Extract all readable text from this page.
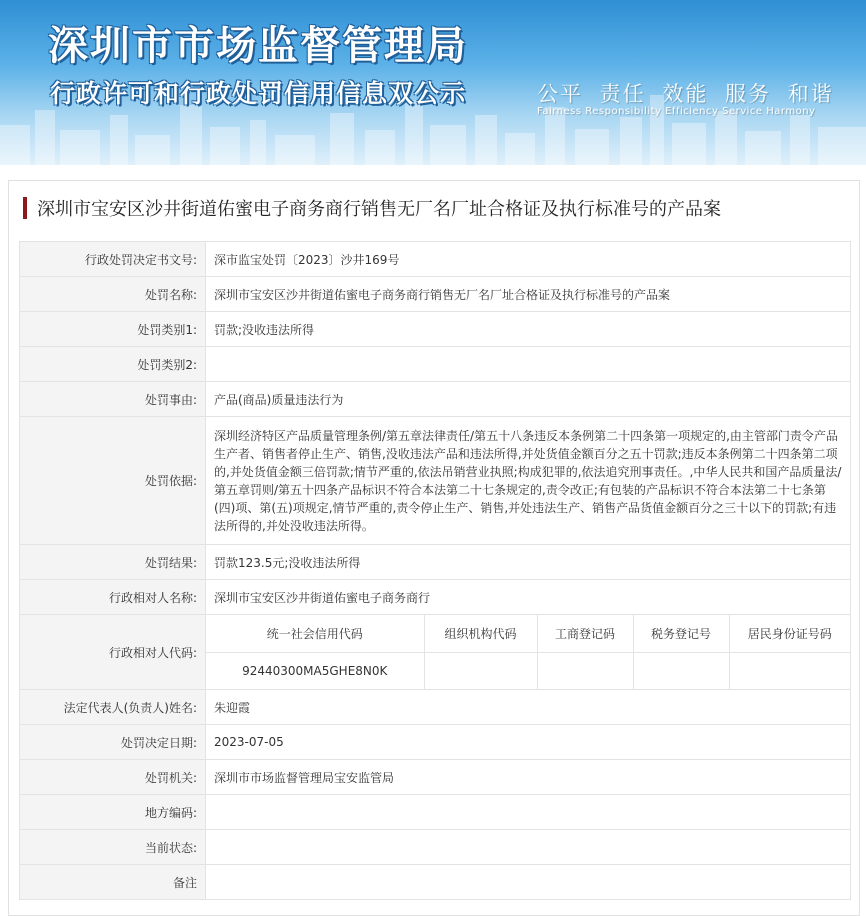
深圳市市场监督管理局
行政许可和行政处罚信用信息双公示	公平 责任 效能 服务 和谐
Fairness Responsibility Efficiency Service Harmony
深圳市宝安区沙井街道佑蜜电子商务商行销售无厂名厂址合格证及执行标准号的产品案
行政处罚决定书文号:	深市监宝处罚〔2023〕沙井169号
处罚名称:	深圳市宝安区沙井街道佑蜜电子商务商行销售无厂名厂址合格证及执行标准号的产品案
处罚类别1:	罚款;没收违法所得
处罚类别2:	
处罚事由:	产品(商品)质量违法行为
处罚依据:	深圳经济特区产品质量管理条例/第五章法律责任/第五十八条违反本条例第二十四条第一项规定的,由主管部门责令产品生产者、销售者停止生产、销售,没收违法产品和违法所得,并处货值金额百分之五十罚款;违反本条例第二十四条第二项的,并处货值金额三倍罚款;情节严重的,依法吊销营业执照;构成犯罪的,依法追究刑事责任。,中华人民共和国产品质量法/第五章罚则/第五十四条产品标识不符合本法第二十七条规定的,责令改正;有包装的产品标识不符合本法第二十七条第(四)项、第(五)项规定,情节严重的,责令停止生产、销售,并处违法生产、销售产品货值金额百分之三十以下的罚款;有违法所得的,并处没收违法所得。
处罚结果:	罚款123.5元;没收违法所得
行政相对人名称:	深圳市宝安区沙井街道佑蜜电子商务商行
行政相对人代码:	
统一社会信用代码	组织机构代码	工商登记码	税务登记号	居民身份证号码
92440300MA5GHE8N0K				

法定代表人(负责人)姓名:	朱迎霞
处罚决定日期:	2023-07-05
处罚机关:	深圳市市场监督管理局宝安监管局
地方编码:	
当前状态:	
备注	
